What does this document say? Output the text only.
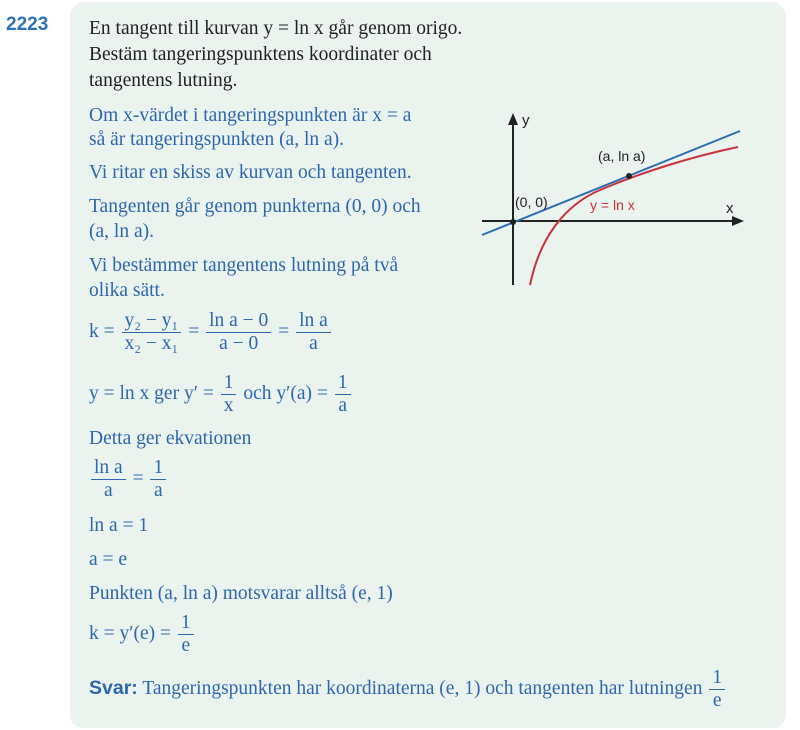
2223 En tangent till kurvan y = ln x går genom origo.
Bestäm tangeringspunktens koordinater och
tangentens lutning.
Om x-värdet i tangeringspunkten är x = a
så är tangeringspunkten (a, ln a).
Vi ritar en skiss av kurvan och tangenten.
Tangenten går genom punkterna (0, 0) och
(a, ln a).
Vi bestämmer tangentens lutning på två
olika sätt.
$k = \frac{\text{y₂ − y₁}}{\text{x₂ − x₁}} = \frac{\text{ln a − 0}}{a - 0} = \frac{\text{ln a}}{a}$
y = ln x ger $y' = \frac{1}{x}$ och $y'(a) = \frac{1}{a}$
Detta ger ekvationen
$\frac{\text{ln a}}{a} = \frac{1}{a}$
ln a = 1
a = e
Punkten (a, ln a) motsvarar alltså (e, 1)
$k = y'(e) = \frac{1}{e}$
Svar: Tangeringspunkten har koordinaterna (e, 1) och tangenten har lutningen $\frac{1}{e}$
y
x
(0, 0)
(a, ln a)
y = ln x
